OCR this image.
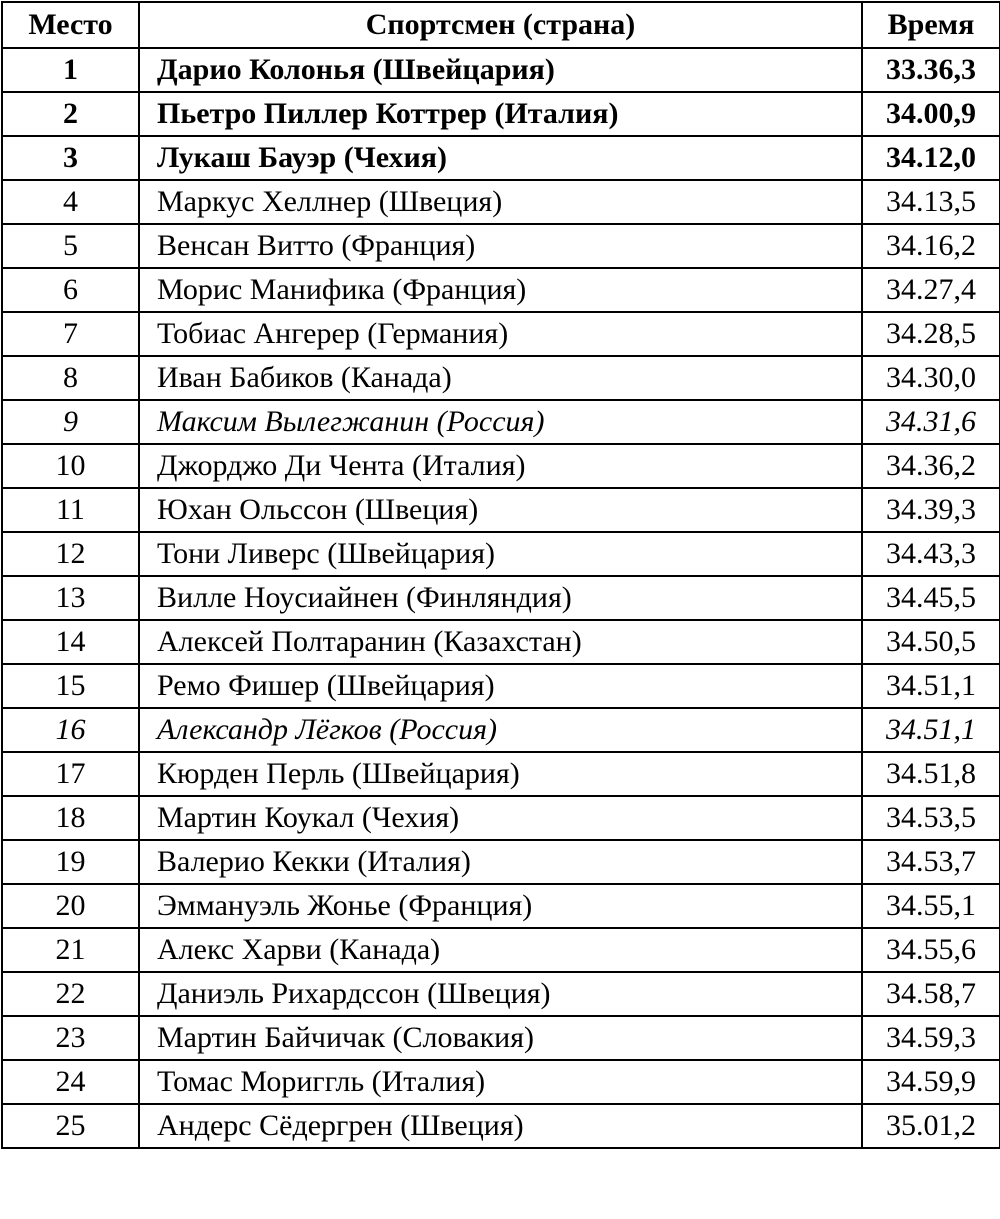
Место	Спортсмен (страна)	Время
1	Дарио Колонья (Швейцария)	33.36,3
2	Пьетро Пиллер Коттрер (Италия)	34.00,9
3	Лукаш Бауэр (Чехия)	34.12,0
4	Маркус Хеллнер (Швеция)	34.13,5
5	Венсан Витто (Франция)	34.16,2
6	Морис Манифика (Франция)	34.27,4
7	Тобиас Ангерер (Германия)	34.28,5
8	Иван Бабиков (Канада)	34.30,0
9	Максим Вылегжанин (Россия)	34.31,6
10	Джорджо Ди Чента (Италия)	34.36,2
11	Юхан Ольссон (Швеция)	34.39,3
12	Тони Ливерс (Швейцария)	34.43,3
13	Вилле Ноусиайнен (Финляндия)	34.45,5
14	Алексей Полтаранин (Казахстан)	34.50,5
15	Ремо Фишер (Швейцария)	34.51,1
16	Александр Лёгков (Россия)	34.51,1
17	Кюрден Перль (Швейцария)	34.51,8
18	Мартин Коукал (Чехия)	34.53,5
19	Валерио Кекки (Италия)	34.53,7
20	Эммануэль Жонье (Франция)	34.55,1
21	Алекс Харви (Канада)	34.55,6
22	Даниэль Рихардссон (Швеция)	34.58,7
23	Мартин Байчичак (Словакия)	34.59,3
24	Томас Мориггль (Италия)	34.59,9
25	Андерс Сёдергрен (Швеция)	35.01,2
